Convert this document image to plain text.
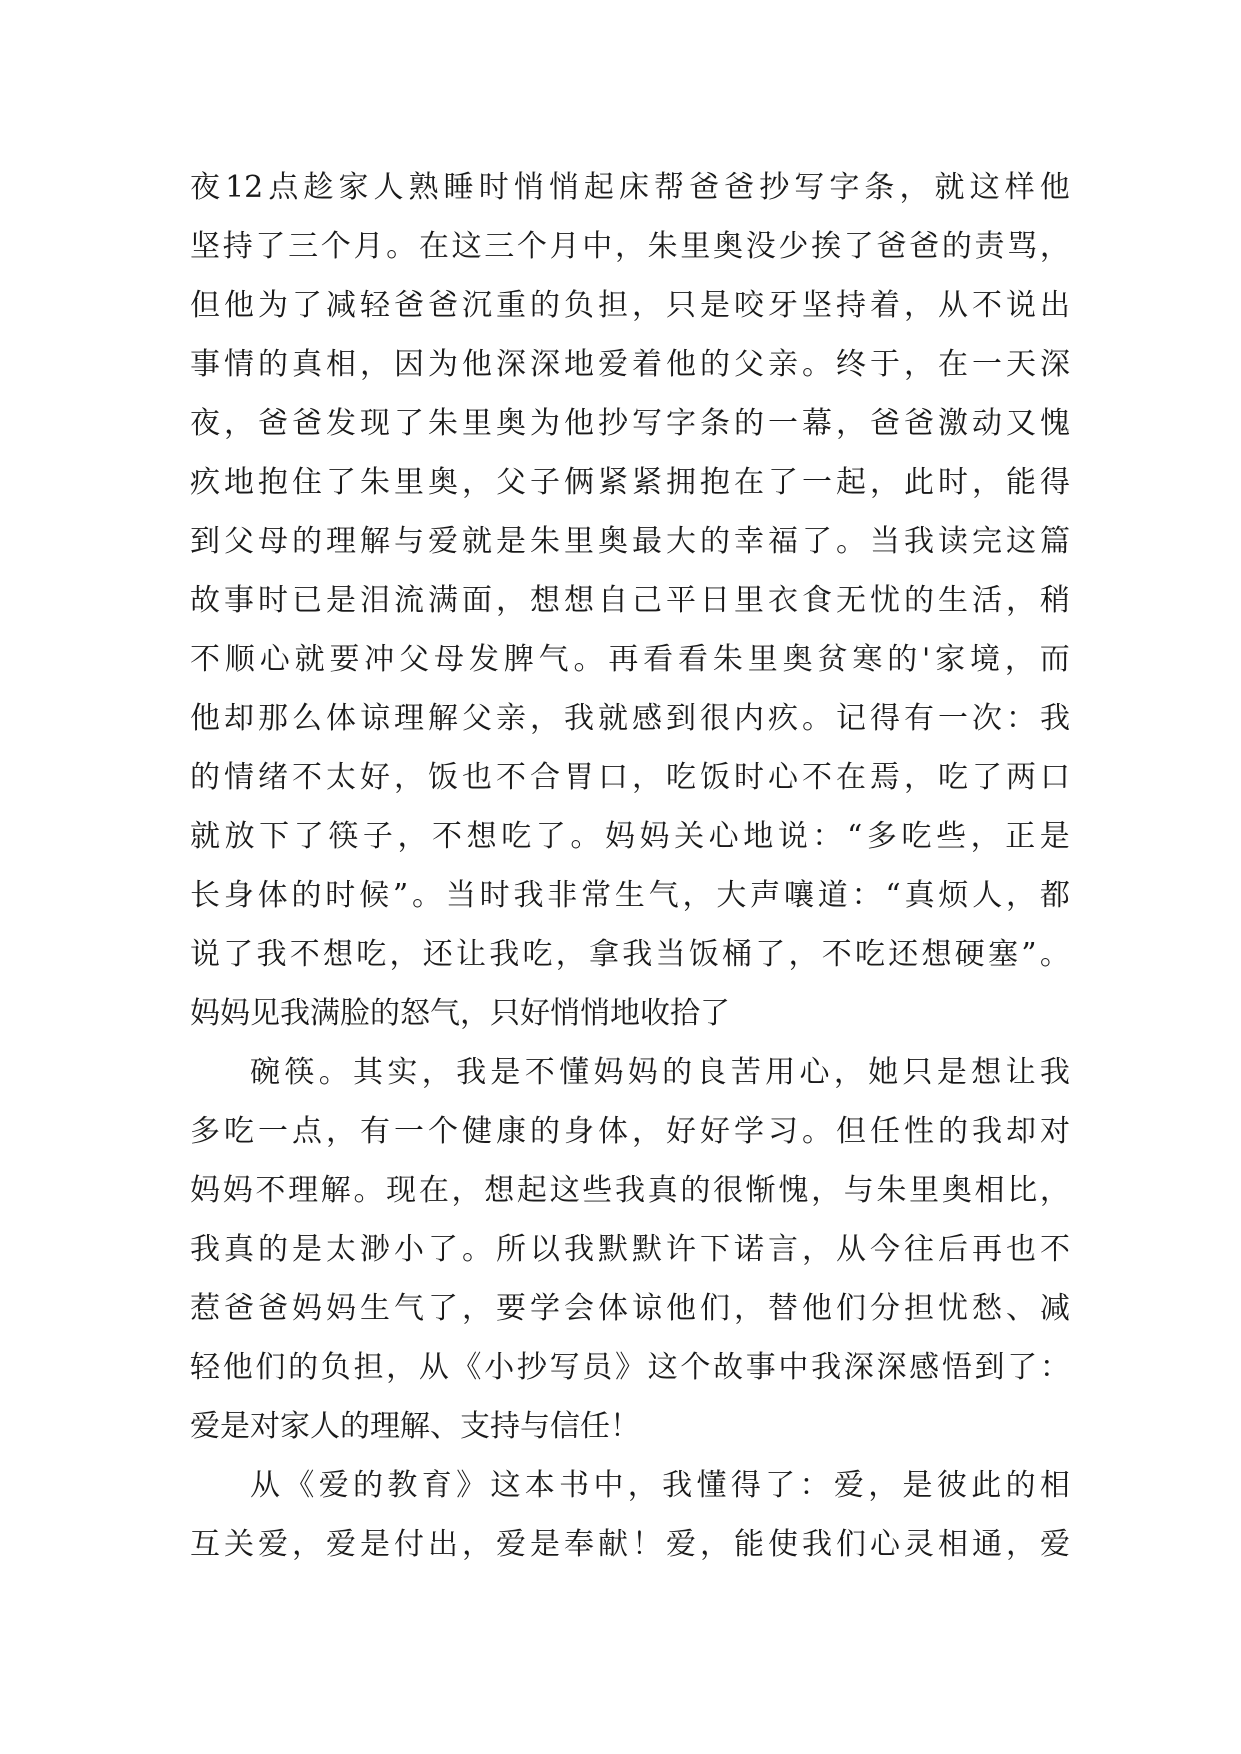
夜 12 点 趁 家 人 熟 睡 时 悄 悄 起 床 帮 爸 爸 抄 写 字 条 ， 就 这 样 他
坚 持 了 三 个 月 。 在 这 三 个 月 中 ， 朱 里 奥 没 少 挨 了 爸 爸 的 责 骂 ，
但 他 为 了 减 轻 爸 爸 沉 重 的 负 担 ， 只 是 咬 牙 坚 持 着 ， 从 不 说 出
事 情 的 真 相 ， 因 为 他 深 深 地 爱 着 他 的 父 亲 。 终 于 ， 在 一 天 深
夜 ， 爸 爸 发 现 了 朱 里 奥 为 他 抄 写 字 条 的 一 幕 ， 爸 爸 激 动 又 愧
疚 地 抱 住 了 朱 里 奥 ， 父 子 俩 紧 紧 拥 抱 在 了 一 起 ， 此 时 ， 能 得
到 父 母 的 理 解 与 爱 就 是 朱 里 奥 最 大 的 幸 福 了 。 当 我 读 完 这 篇
故 事 时 已 是 泪 流 满 面 ， 想 想 自 己 平 日 里 衣 食 无 忧 的 生 活 ， 稍
不 顺 心 就 要 冲 父 母 发 脾 气 。 再 看 看 朱 里 奥 贫 寒 的 ' 家 境 ， 而
他 却 那 么 体 谅 理 解 父 亲 ， 我 就 感 到 很 内 疚 。 记 得 有 一 次 ： 我
的 情 绪 不 太 好 ， 饭 也 不 合 胃 口 ， 吃 饭 时 心 不 在 焉 ， 吃 了 两 口
就 放 下 了 筷 子 ， 不 想 吃 了 。 妈 妈 关 心 地 说 ： “ 多 吃 些 ， 正 是
长 身 体 的 时 候 ” 。 当 时 我 非 常 生 气 ， 大 声 嚷 道 ： “ 真 烦 人 ， 都
说 了 我 不 想 吃 ， 还 让 我 吃 ， 拿 我 当 饭 桶 了 ， 不 吃 还 想 硬 塞 ” 。
妈妈见我满脸的怒气，只好悄悄地收拾了
碗 筷 。 其 实 ， 我 是 不 懂 妈 妈 的 良 苦 用 心 ， 她 只 是 想 让 我
多 吃 一 点 ， 有 一 个 健 康 的 身 体 ， 好 好 学 习 。 但 任 性 的 我 却 对
妈 妈 不 理 解 。 现 在 ， 想 起 这 些 我 真 的 很 惭 愧 ， 与 朱 里 奥 相 比 ，
我 真 的 是 太 渺 小 了 。 所 以 我 默 默 许 下 诺 言 ， 从 今 往 后 再 也 不
惹 爸 爸 妈 妈 生 气 了 ， 要 学 会 体 谅 他 们 ， 替 他 们 分 担 忧 愁 、 减
轻 他 们 的 负 担 ， 从 《 小 抄 写 员 》 这 个 故 事 中 我 深 深 感 悟 到 了 ：
爱是对家人的理解、支持与信任！
从 《 爱 的 教 育 》 这 本 书 中 ， 我 懂 得 了 ： 爱 ， 是 彼 此 的 相
互 关 爱 ， 爱 是 付 出 ， 爱 是 奉 献 ！ 爱 ， 能 使 我 们 心 灵 相 通 ， 爱
